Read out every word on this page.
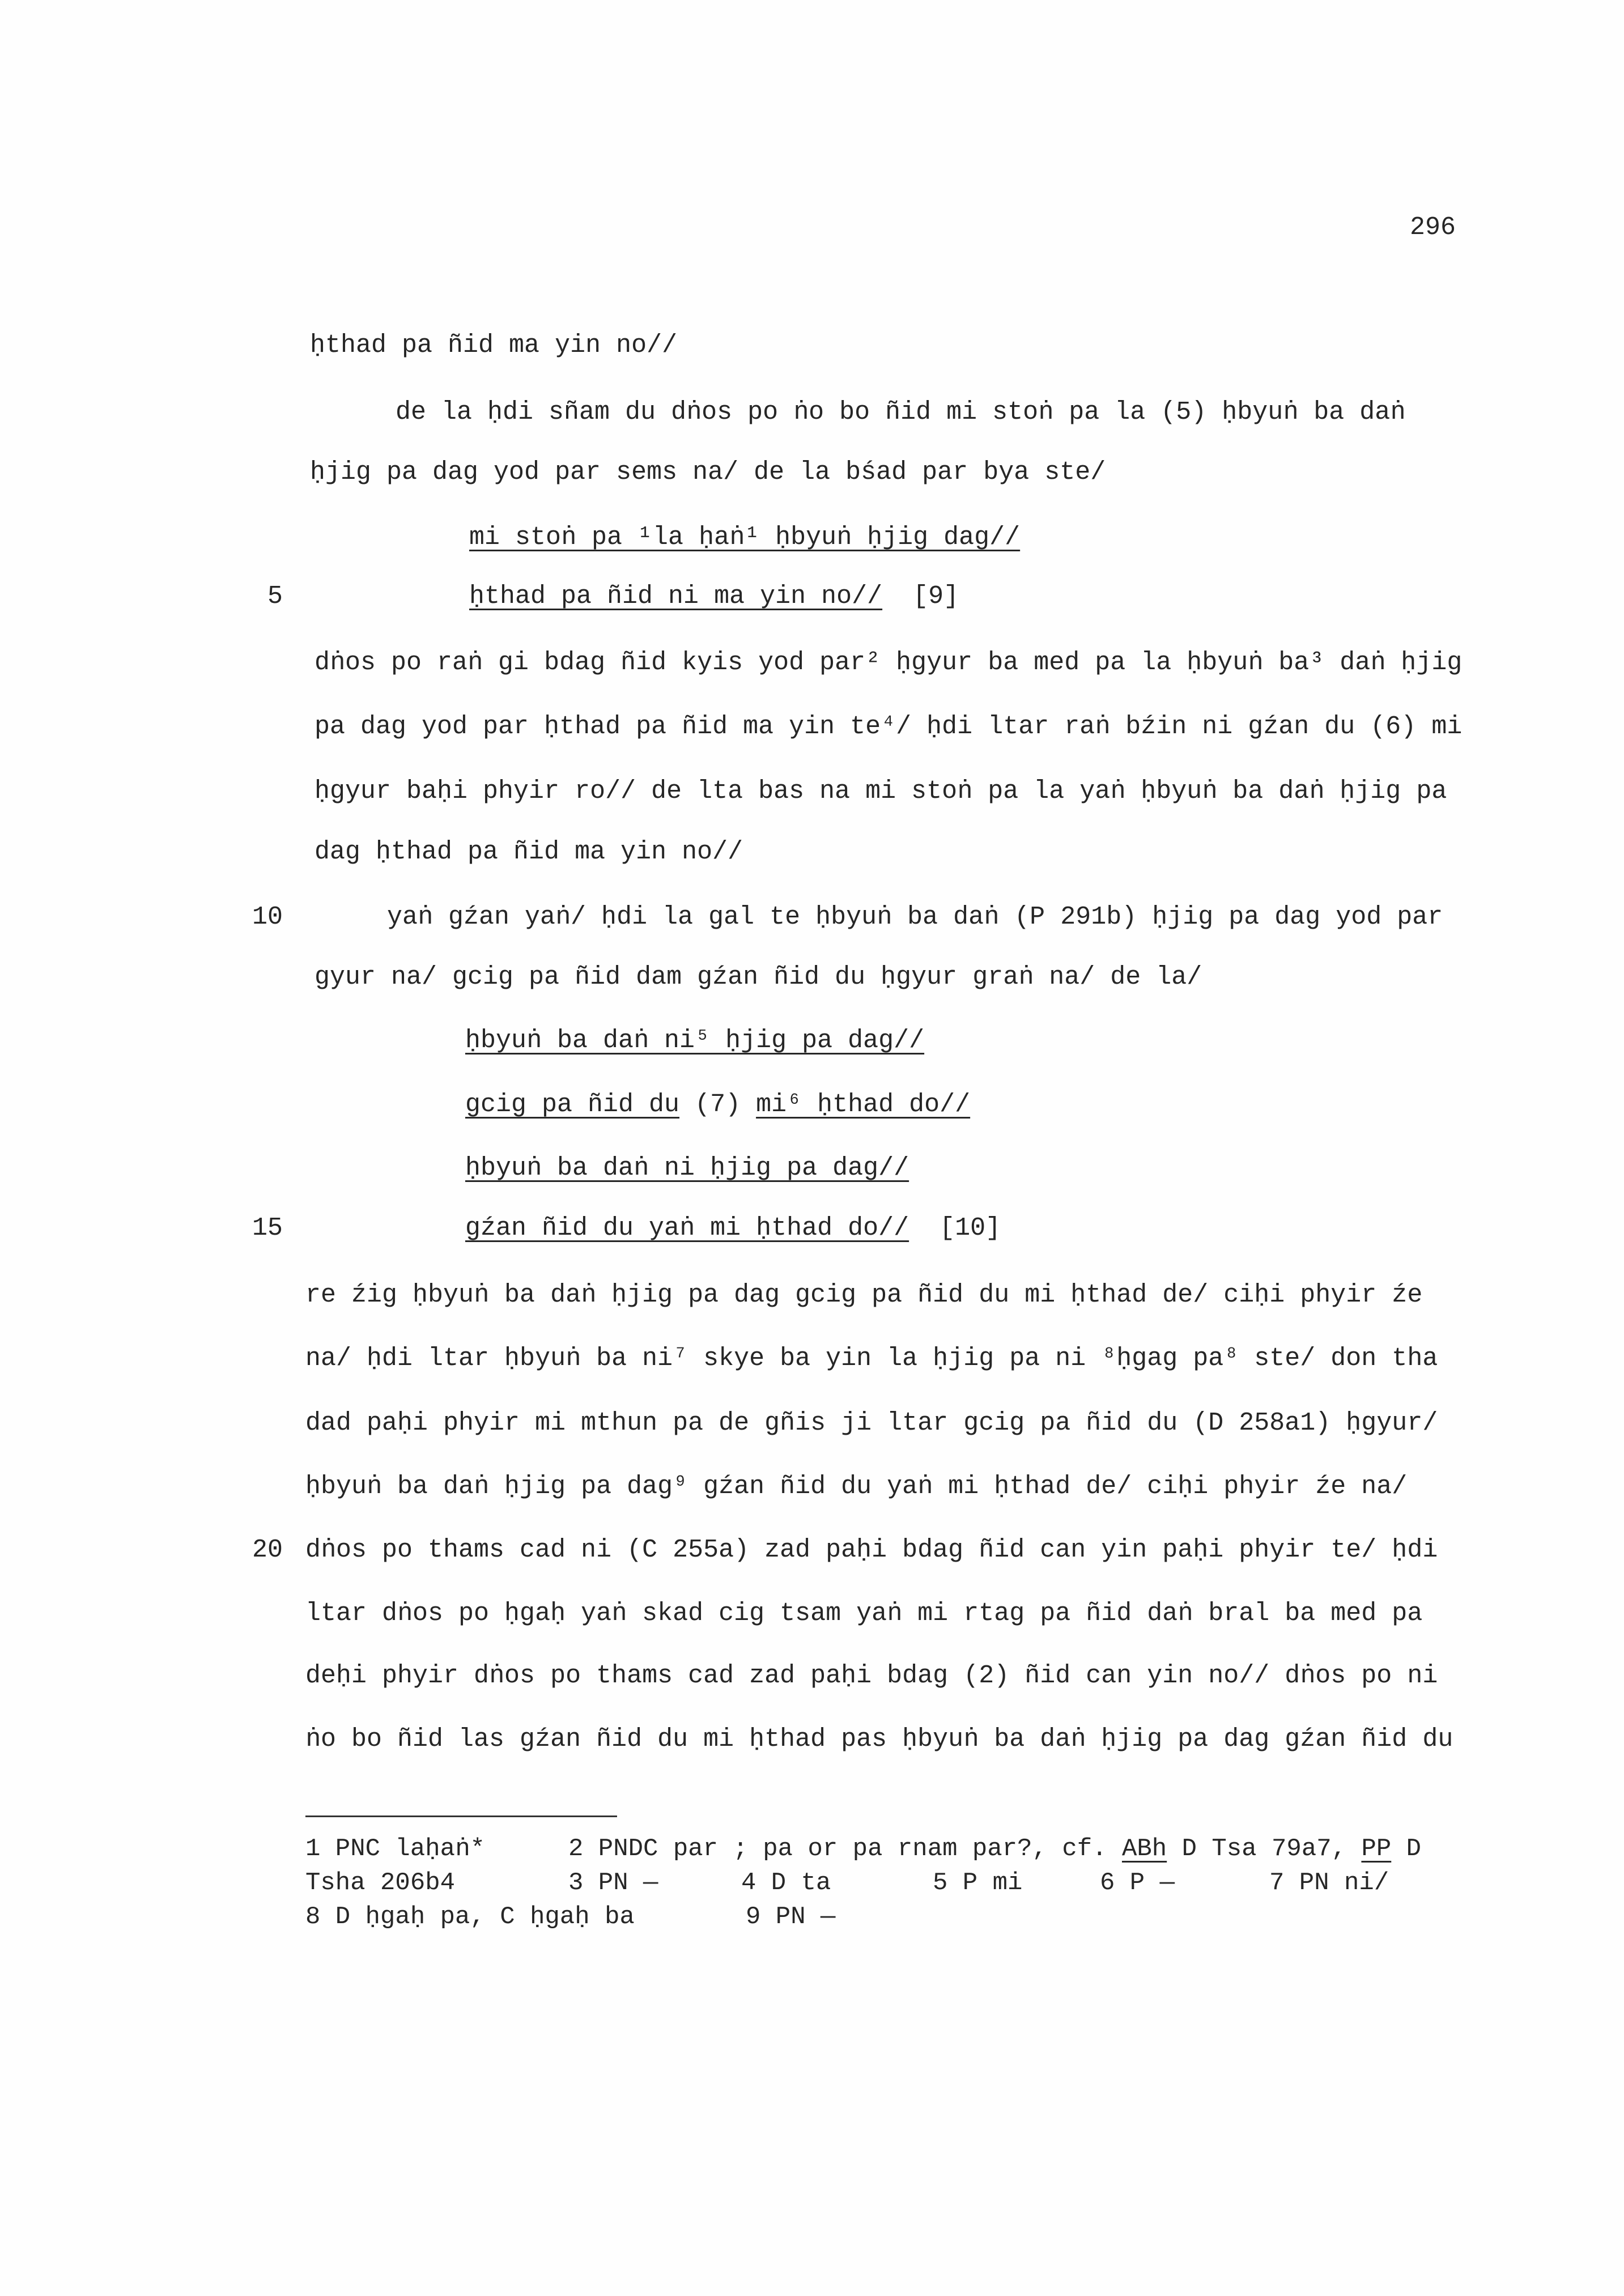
296
5
10
15
20
ḥthad pa ñid ma yin no//
de la ḥdi sñam du dṅos po ṅo bo ñid mi stoṅ pa la (5) ḥbyuṅ ba daṅ
ḥjig pa dag yod par sems na/ de la bśad par bya ste/
mi stoṅ pa ¹la ḥaṅ¹ ḥbyuṅ ḥjig dag//
ḥthad pa ñid ni ma yin no//  [9]
dṅos po raṅ gi bdag ñid kyis yod par² ḥgyur ba med pa la ḥbyuṅ ba³ daṅ ḥjig
pa dag yod par ḥthad pa ñid ma yin te⁴/ ḥdi ltar raṅ bźin ni gźan du (6) mi
ḥgyur baḥi phyir ro// de lta bas na mi stoṅ pa la yaṅ ḥbyuṅ ba daṅ ḥjig pa
dag ḥthad pa ñid ma yin no//
yaṅ gźan yaṅ/ ḥdi la gal te ḥbyuṅ ba daṅ (P 291b) ḥjig pa dag yod par
gyur na/ gcig pa ñid dam gźan ñid du ḥgyur graṅ na/ de la/
ḥbyuṅ ba daṅ ni⁵ ḥjig pa dag//
gcig pa ñid du (7) mi⁶ ḥthad do//
ḥbyuṅ ba daṅ ni ḥjig pa dag//
gźan ñid du yaṅ mi ḥthad do//  [10]
re źig ḥbyuṅ ba daṅ ḥjig pa dag gcig pa ñid du mi ḥthad de/ ciḥi phyir źe
na/ ḥdi ltar ḥbyuṅ ba ni⁷ skye ba yin la ḥjig pa ni ⁸ḥgag pa⁸ ste/ don tha
dad paḥi phyir mi mthun pa de gñis ji ltar gcig pa ñid du (D 258a1) ḥgyur/
ḥbyuṅ ba daṅ ḥjig pa dag⁹ gźan ñid du yaṅ mi ḥthad de/ ciḥi phyir źe na/
dṅos po thams cad ni (C 255a) zad paḥi bdag ñid can yin paḥi phyir te/ ḥdi
ltar dṅos po ḥgaḥ yaṅ skad cig tsam yaṅ mi rtag pa ñid daṅ bral ba med pa
deḥi phyir dṅos po thams cad zad paḥi bdag (2) ñid can yin no// dṅos po ni
ṅo bo ñid las gźan ñid du mi ḥthad pas ḥbyuṅ ba daṅ ḥjig pa dag gźan ñid du
1 PNC laḥaṅ*	2 PNDC par ; pa or pa rnam par?, cf. ABh D Tsa 79a7, PP D
Tsha 206b4	3 PN —	4 D ta	5 P mi	6 P —	7 PN ni/
8 D ḥgaḥ pa, C ḥgaḥ ba	9 PN —
